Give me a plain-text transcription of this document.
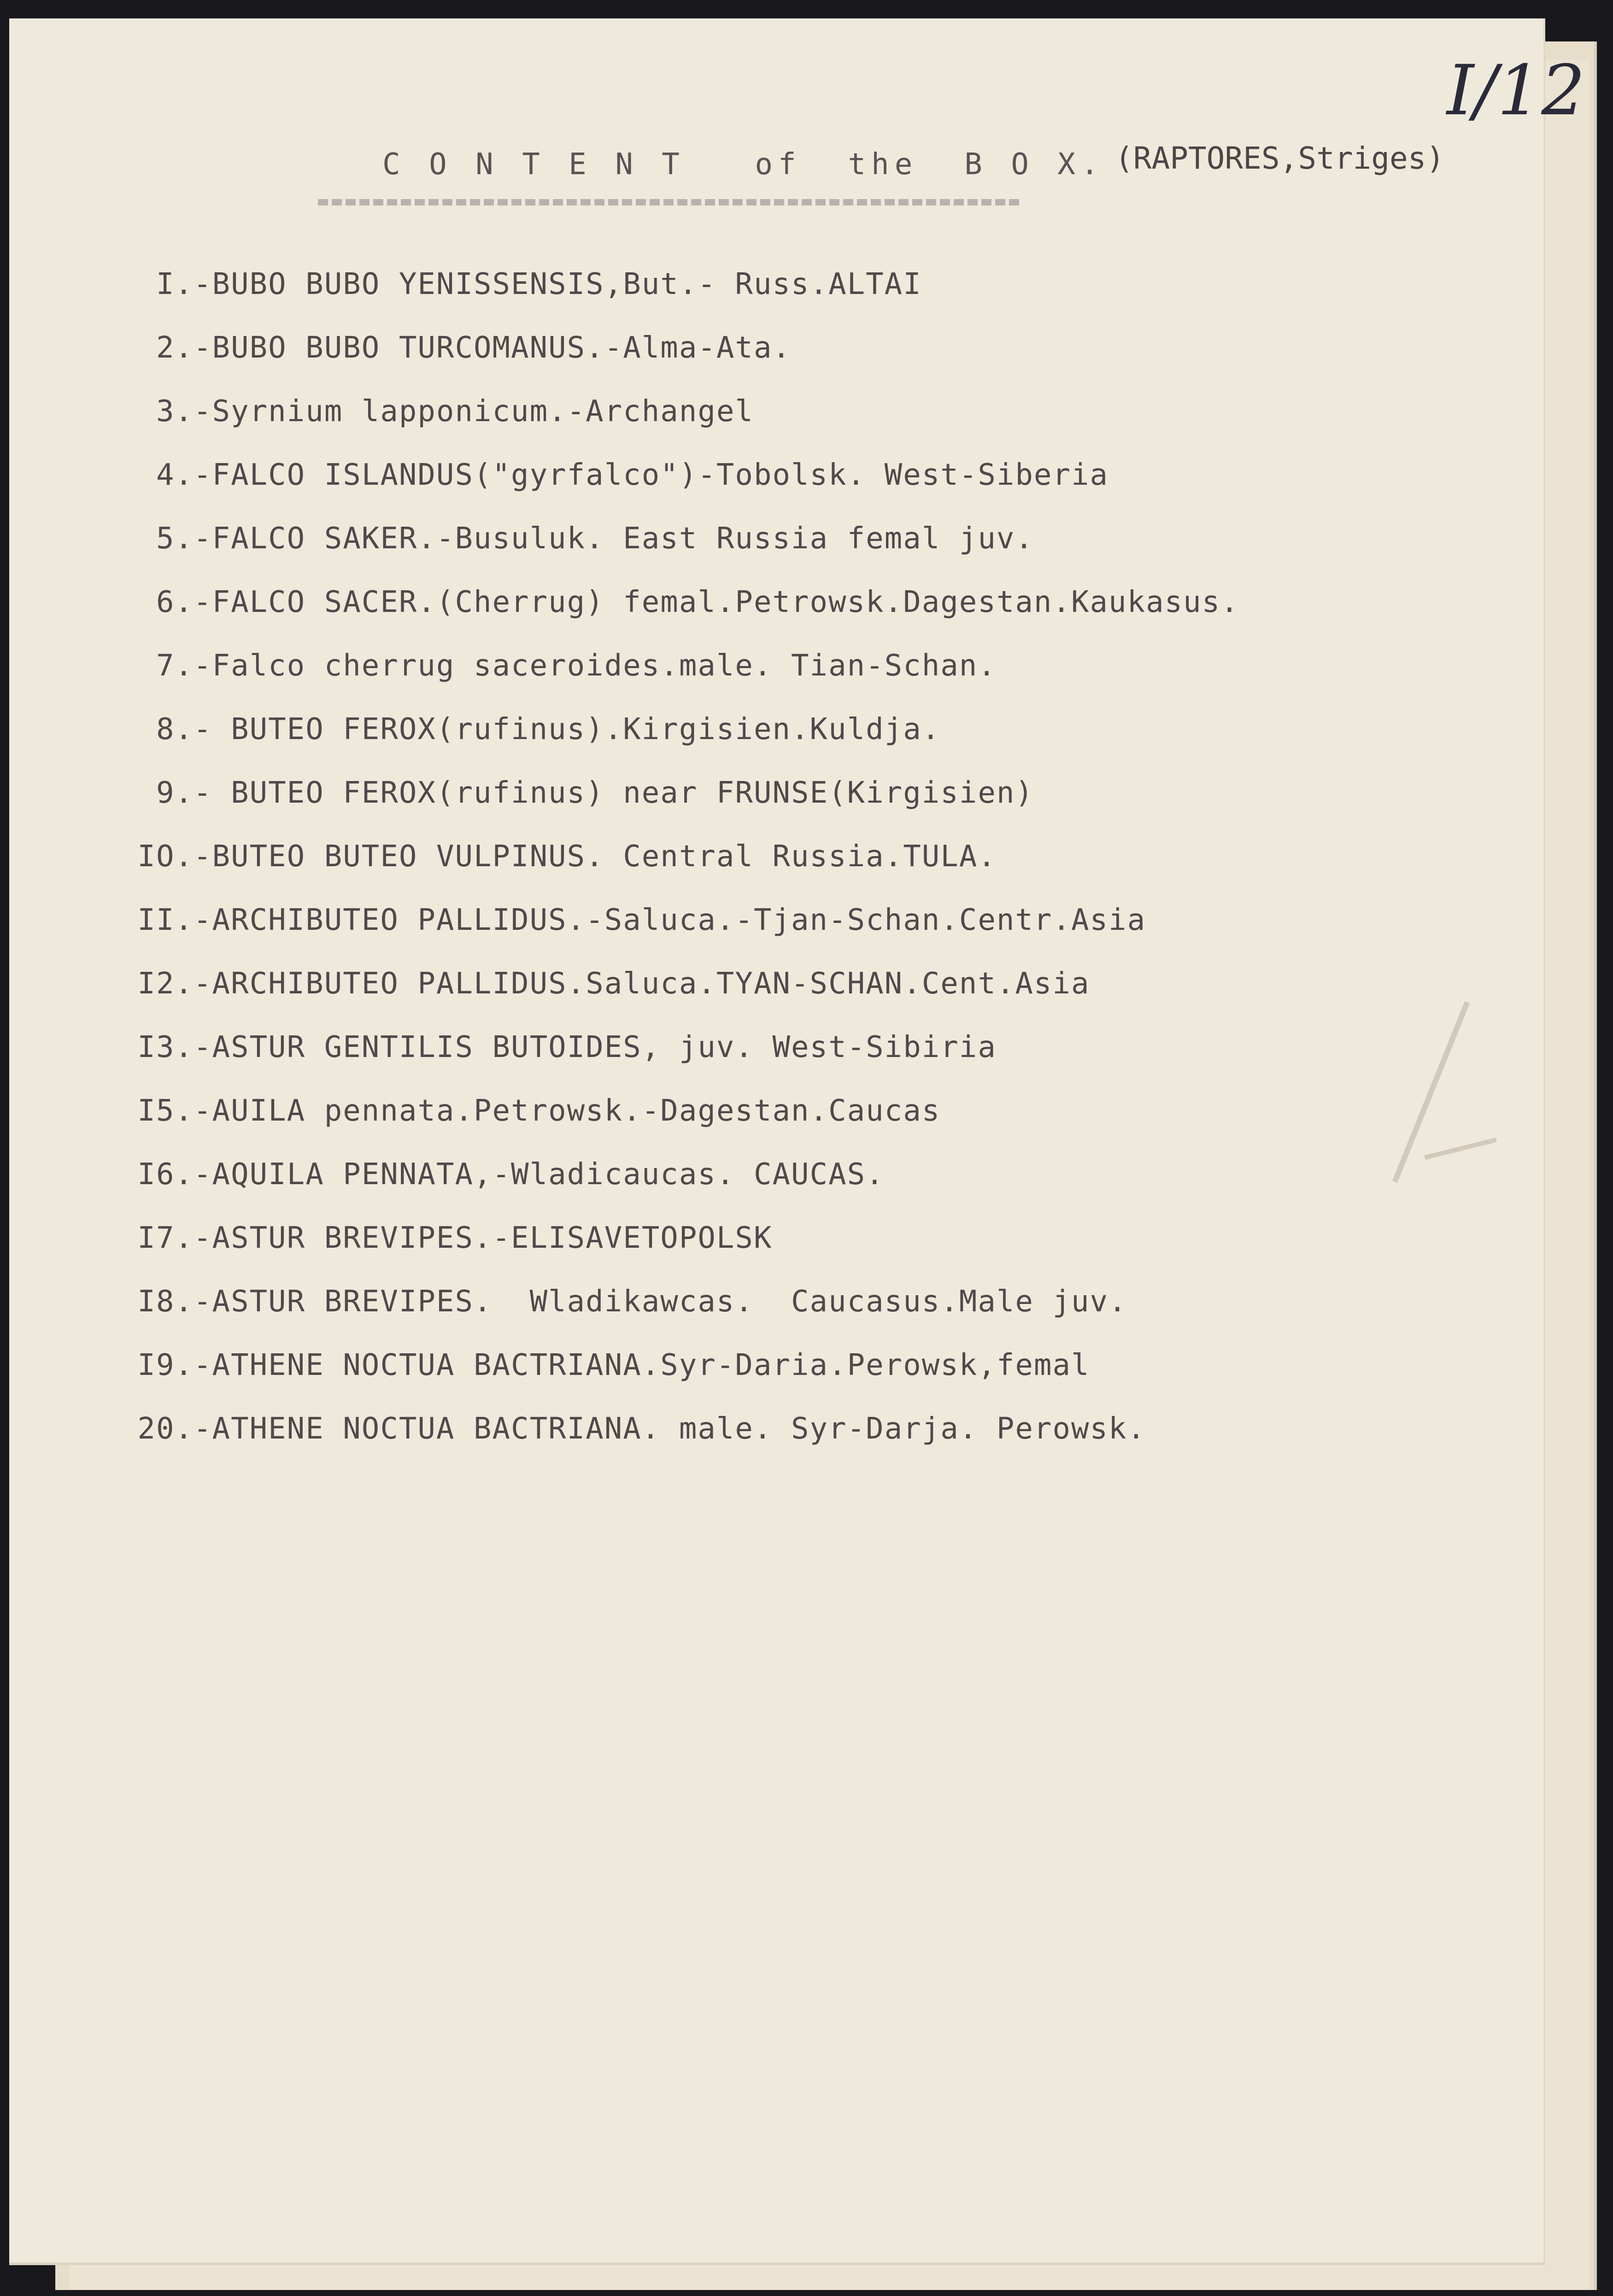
C O N T E N T   of  the  B O X. (RAPTORES,Striges)
I/12
I.-BUBO BUBO YENISSENSIS,But.- Russ.ALTAI
2.-BUBO BUBO TURCOMANUS.-Alma-Ata.
3.-Syrnium lapponicum.-Archangel
4.-FALCO ISLANDUS("gyrfalco")-Tobolsk. West-Siberia
5.-FALCO SAKER.-Busuluk. East Russia femal juv.
6.-FALCO SACER.(Cherrug) femal.Petrowsk.Dagestan.Kaukasus.
7.-Falco cherrug saceroides.male. Tian-Schan.
8.- BUTEO FEROX(rufinus).Kirgisien.Kuldja.
9.- BUTEO FEROX(rufinus) near FRUNSE(Kirgisien)
IO.-BUTEO BUTEO VULPINUS. Central Russia.TULA.
II.-ARCHIBUTEO PALLIDUS.-Saluca.-Tjan-Schan.Centr.Asia
I2.-ARCHIBUTEO PALLIDUS.Saluca.TYAN-SCHAN.Cent.Asia
I3.-ASTUR GENTILIS BUTOIDES, juv. West-Sibiria
I5.-AUILA pennata.Petrowsk.-Dagestan.Caucas
I6.-AQUILA PENNATA,-Wladicaucas. CAUCAS.
I7.-ASTUR BREVIPES.-ELISAVETOPOLSK
I8.-ASTUR BREVIPES.  Wladikawcas.  Caucasus.Male juv.
I9.-ATHENE NOCTUA BACTRIANA.Syr-Daria.Perowsk,femal
20.-ATHENE NOCTUA BACTRIANA. male. Syr-Darja. Perowsk.
